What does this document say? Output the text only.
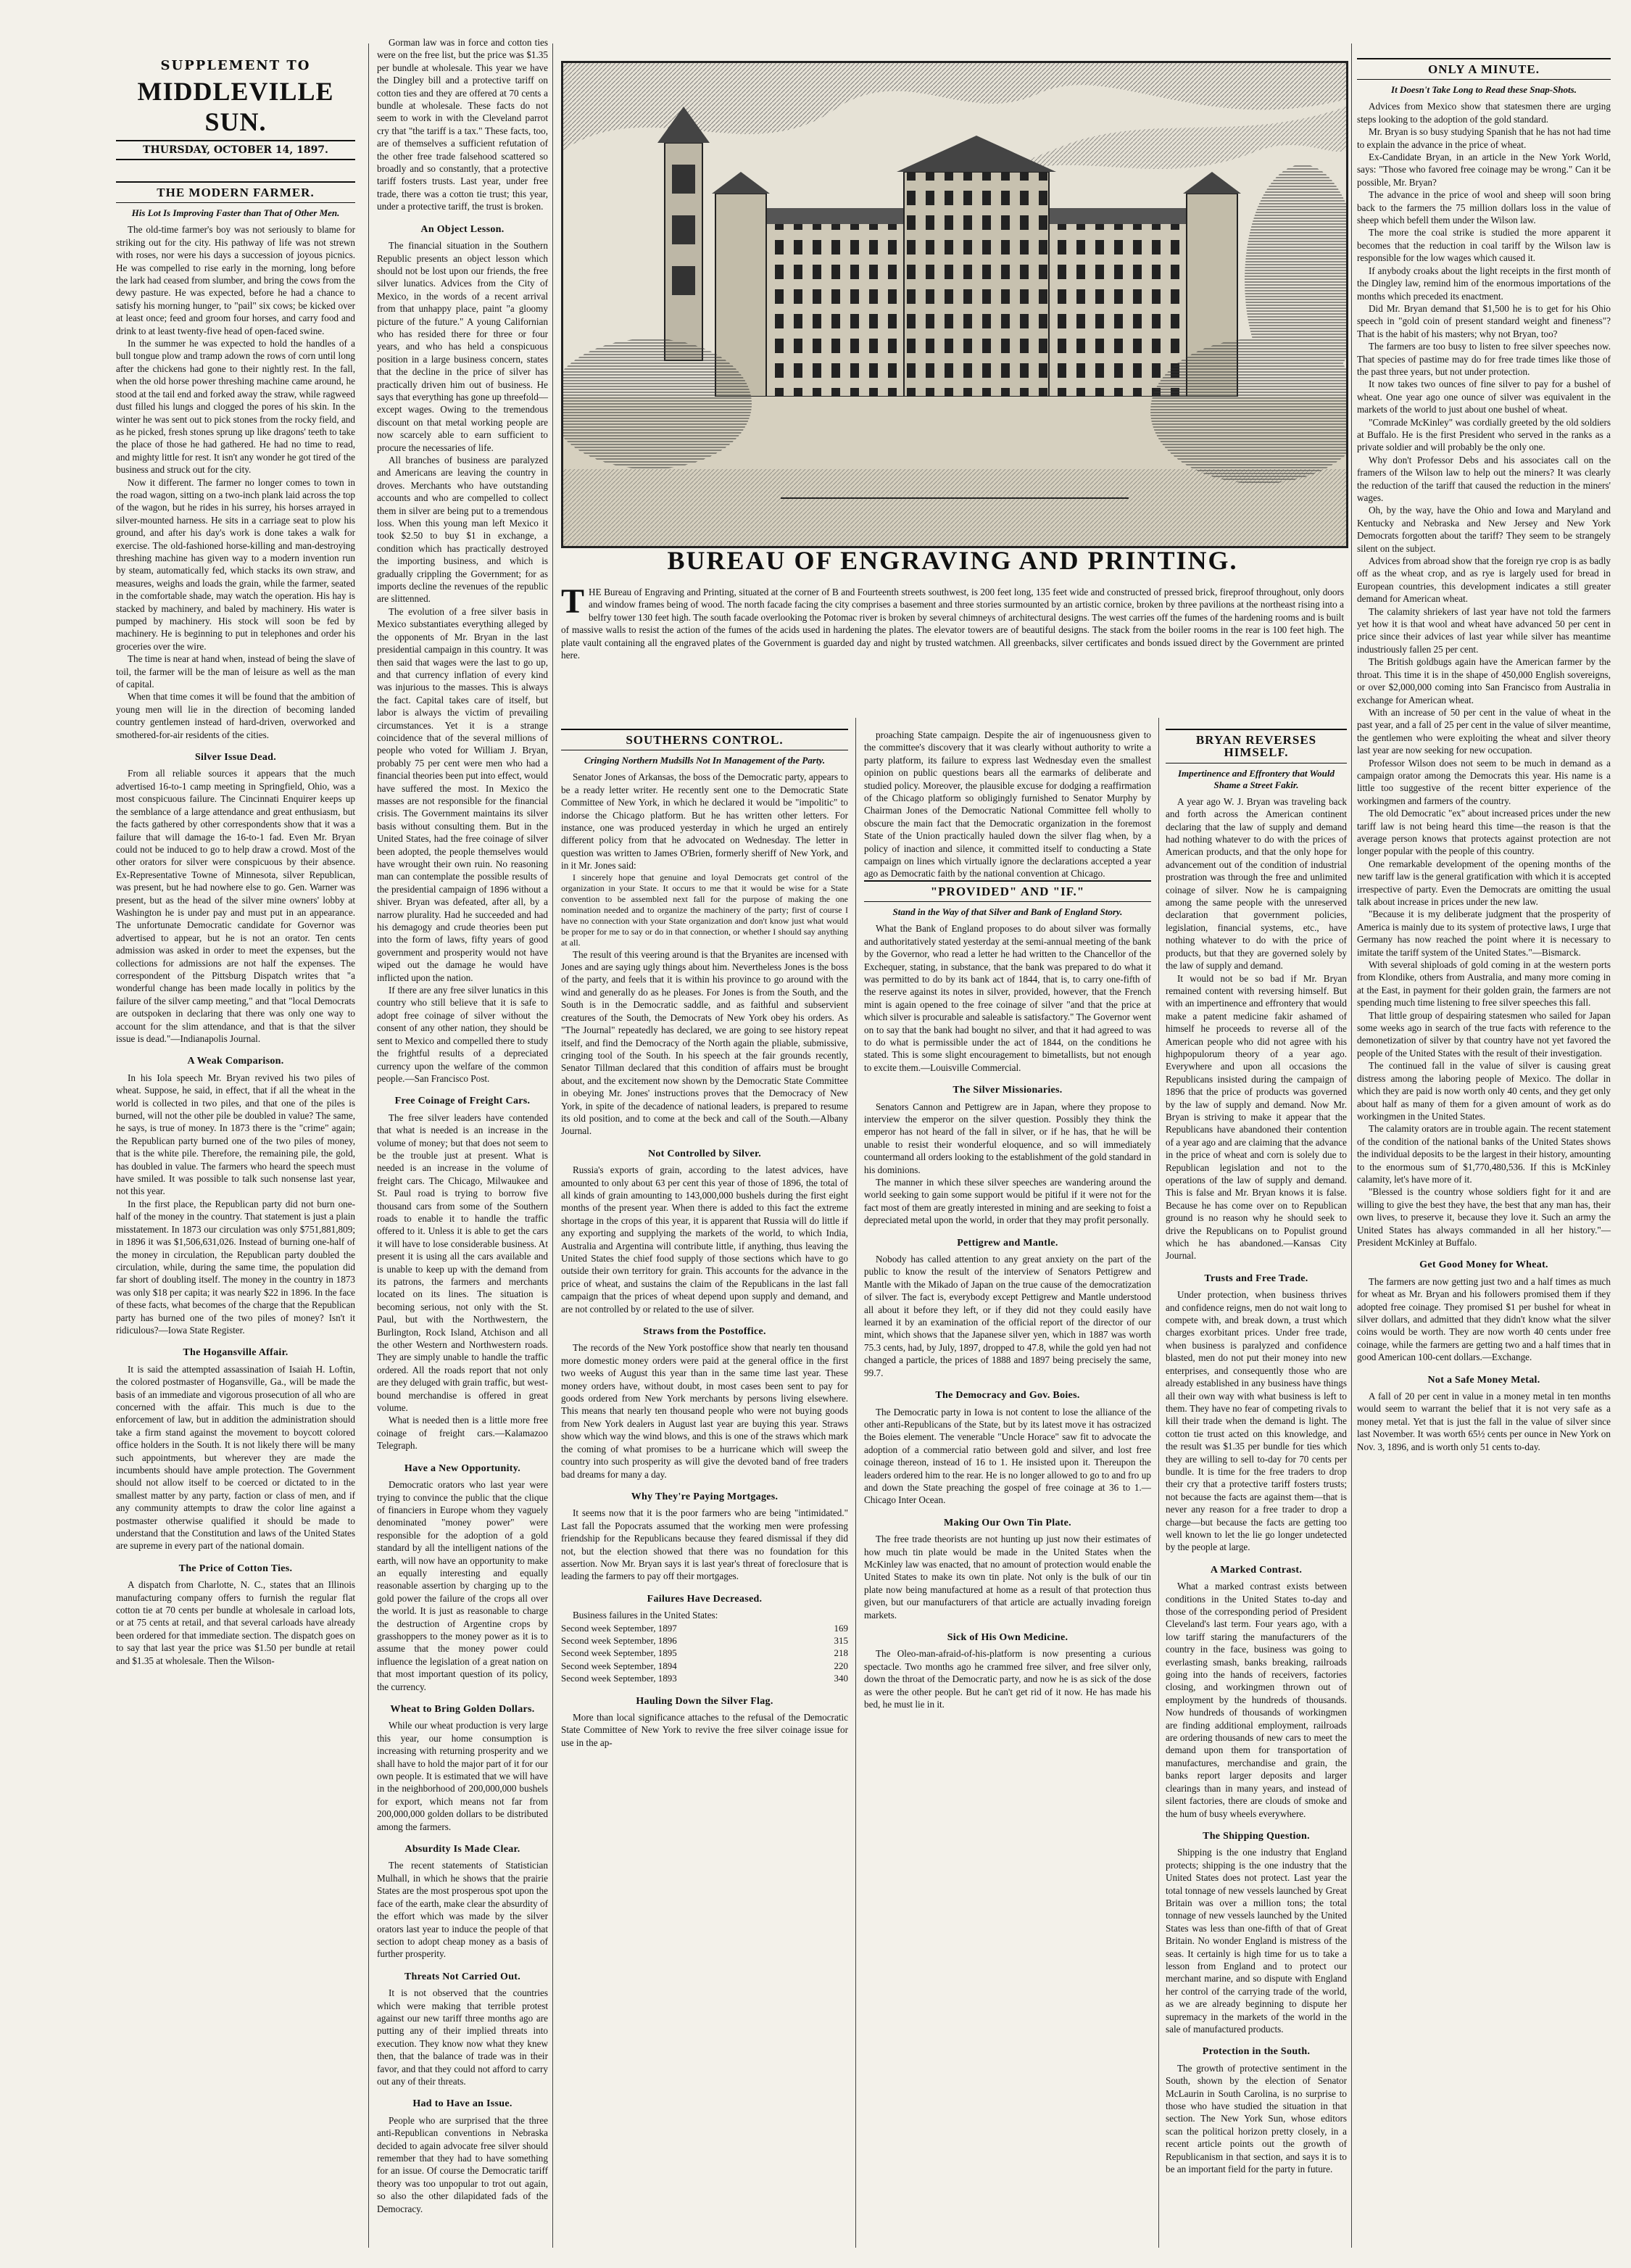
SUPPLEMENT TO
MIDDLEVILLE SUN.
THURSDAY, OCTOBER 14, 1897.
THE MODERN FARMER.
His Lot Is Improving Faster than That of Other Men.

The old-time farmer's boy was not seriously to blame for striking out for the city. His pathway of life was not strewn with roses, nor were his days a succession of joyous picnics. He was compelled to rise early in the morning, long before the lark had ceased from slumber, and bring the cows from the dewy pasture. He was expected, before he had a chance to satisfy his morning hunger, to "pail" six cows; be kicked over at least once; feed and groom four horses, and carry food and drink to at least twenty-five head of open-faced swine.

In the summer he was expected to hold the handles of a bull tongue plow and tramp adown the rows of corn until long after the chickens had gone to their nightly rest. In the fall, when the old horse power threshing machine came around, he stood at the tail end and forked away the straw, while ragweed dust filled his lungs and clogged the pores of his skin. In the winter he was sent out to pick stones from the rocky field, and as he picked, fresh stones sprung up like dragons' teeth to take the place of those he had gathered. He had no time to read, and mighty little for rest. It isn't any wonder he got tired of the business and struck out for the city.

Now it different. The farmer no longer comes to town in the road wagon, sitting on a two-inch plank laid across the top of the wagon, but he rides in his surrey, his horses arrayed in silver-mounted harness. He sits in a carriage seat to plow his ground, and after his day's work is done takes a walk for exercise. The old-fashioned horse-killing and man-destroying threshing machine has given way to a modern invention run by steam, automatically fed, which stacks its own straw, and measures, weighs and loads the grain, while the farmer, seated in the comfortable shade, may watch the operation. His hay is stacked by machinery, and baled by machinery. His water is pumped by machinery. His stock will soon be fed by machinery. He is beginning to put in telephones and order his groceries over the wire.

The time is near at hand when, instead of being the slave of toil, the farmer will be the man of leisure as well as the man of capital.

When that time comes it will be found that the ambition of young men will lie in the direction of becoming landed country gentlemen instead of hard-driven, overworked and smothered-for-air residents of the cities.

Silver Issue Dead.

From all reliable sources it appears that the much advertised 16-to-1 camp meeting in Springfield, Ohio, was a most conspicuous failure. The Cincinnati Enquirer keeps up the semblance of a large attendance and great enthusiasm, but the facts gathered by other correspondents show that it was a failure that will damage the 16-to-1 fad. Even Mr. Bryan could not be induced to go to help draw a crowd. Most of the other orators for silver were conspicuous by their absence. Ex-Representative Towne of Minnesota, silver Republican, was present, but he had nowhere else to go. Gen. Warner was present, but as the head of the silver mine owners' lobby at Washington he is under pay and must put in an appearance. The unfortunate Democratic candidate for Governor was advertised to appear, but he is not an orator. Ten cents admission was asked in order to meet the expenses, but the collections for admissions are not half the expenses. The correspondent of the Pittsburg Dispatch writes that "a wonderful change has been made locally in politics by the failure of the silver camp meeting," and that "local Democrats are outspoken in declaring that there was only one way to account for the slim attendance, and that is that the silver issue is dead."—Indianapolis Journal.

A Weak Comparison.

In his Iola speech Mr. Bryan revived his two piles of wheat. Suppose, he said, in effect, that if all the wheat in the world is collected in two piles, and that one of the piles is burned, will not the other pile be doubled in value? The same, he says, is true of money. In 1873 there is the "crime" again; the Republican party burned one of the two piles of money, that is the white pile. Therefore, the remaining pile, the gold, has doubled in value. The farmers who heard the speech must have smiled. It was possible to talk such nonsense last year, not this year.

In the first place, the Republican party did not burn one-half of the money in the country. That statement is just a plain misstatement. In 1873 our circulation was only $751,881,809; in 1896 it was $1,506,631,026. Instead of burning one-half of the money in circulation, the Republican party doubled the circulation, while, during the same time, the population did far short of doubling itself. The money in the country in 1873 was only $18 per capita; it was nearly $22 in 1896. In the face of these facts, what becomes of the charge that the Republican party has burned one of the two piles of money? Isn't it ridiculous?—Iowa State Register.

The Hogansville Affair.

It is said the attempted assassination of Isaiah H. Loftin, the colored postmaster of Hogansville, Ga., will be made the basis of an immediate and vigorous prosecution of all who are concerned with the affair. This much is due to the enforcement of law, but in addition the administration should take a firm stand against the movement to boycott colored office holders in the South. It is not likely there will be many such appointments, but wherever they are made the incumbents should have ample protection. The Government should not allow itself to be coerced or dictated to in the smallest matter by any party, faction or class of men, and if any community attempts to draw the color line against a postmaster otherwise qualified it should be made to understand that the Constitution and laws of the United States are supreme in every part of the national domain.

The Price of Cotton Ties.

A dispatch from Charlotte, N. C., states that an Illinois manufacturing company offers to furnish the regular flat cotton tie at 70 cents per bundle at wholesale in carload lots, or at 75 cents at retail, and that several carloads have already been ordered for that immediate section. The dispatch goes on to say that last year the price was $1.50 per bundle at retail and $1.35 at wholesale. Then the Wilson-

Gorman law was in force and cotton ties were on the free list, but the price was $1.35 per bundle at wholesale. This year we have the Dingley bill and a protective tariff on cotton ties and they are offered at 70 cents a bundle at wholesale. These facts do not seem to work in with the Cleveland parrot cry that "the tariff is a tax." These facts, too, are of themselves a sufficient refutation of the other free trade falsehood scattered so broadly and so constantly, that a protective tariff fosters trusts. Last year, under free trade, there was a cotton tie trust; this year, under a protective tariff, the trust is broken.

An Object Lesson.

The financial situation in the Southern Republic presents an object lesson which should not be lost upon our friends, the free silver lunatics. Advices from the City of Mexico, in the words of a recent arrival from that unhappy place, paint "a gloomy picture of the future." A young Californian who has resided there for three or four years, and who has held a conspicuous position in a large business concern, states that the decline in the price of silver has practically driven him out of business. He says that everything has gone up threefold—except wages. Owing to the tremendous discount on that metal working people are now scarcely able to earn sufficient to procure the necessaries of life.

All branches of business are paralyzed and Americans are leaving the country in droves. Merchants who have outstanding accounts and who are compelled to collect them in silver are being put to a tremendous loss. When this young man left Mexico it took $2.50 to buy $1 in exchange, a condition which has practically destroyed the importing business, and which is gradually crippling the Government; for as imports decline the revenues of the republic are slittenned.

The evolution of a free silver basis in Mexico substantiates everything alleged by the opponents of Mr. Bryan in the last presidential campaign in this country. It was then said that wages were the last to go up, and that currency inflation of every kind was injurious to the masses. This is always the fact. Capital takes care of itself, but labor is always the victim of prevailing circumstances. Yet it is a strange coincidence that of the several millions of people who voted for William J. Bryan, probably 75 per cent were men who had a financial theories been put into effect, would have suffered the most. In Mexico the masses are not responsible for the financial crisis. The Government maintains its silver basis without consulting them. But in the United States, had the free coinage of silver been adopted, the people themselves would have wrought their own ruin. No reasoning man can contemplate the possible results of the presidential campaign of 1896 without a shiver. Bryan was defeated, after all, by a narrow plurality. Had he succeeded and had his demagogy and crude theories been put into the form of laws, fifty years of good government and prosperity would not have wiped out the damage he would have inflicted upon the nation.

If there are any free silver lunatics in this country who still believe that it is safe to adopt free coinage of silver without the consent of any other nation, they should be sent to Mexico and compelled there to study the frightful results of a depreciated currency upon the welfare of the common people.—San Francisco Post.

Free Coinage of Freight Cars.

The free silver leaders have contended that what is needed is an increase in the volume of money; but that does not seem to be the trouble just at present. What is needed is an increase in the volume of freight cars. The Chicago, Milwaukee and St. Paul road is trying to borrow five thousand cars from some of the Southern roads to enable it to handle the traffic offered to it. Unless it is able to get the cars it will have to lose considerable business. At present it is using all the cars available and is unable to keep up with the demand from its patrons, the farmers and merchants located on its lines. The situation is becoming serious, not only with the St. Paul, but with the Northwestern, the Burlington, Rock Island, Atchison and all the other Western and Northwestern roads. They are simply unable to handle the traffic ordered. All the roads report that not only are they deluged with grain traffic, but west-bound merchandise is offered in great volume.

What is needed then is a little more free coinage of freight cars.—Kalamazoo Telegraph.

Have a New Opportunity.

Democratic orators who last year were trying to convince the public that the clique of financiers in Europe whom they vaguely denominated "money power" were responsible for the adoption of a gold standard by all the intelligent nations of the earth, will now have an opportunity to make an equally interesting and equally reasonable assertion by charging up to the gold power the failure of the crops all over the world. It is just as reasonable to charge the destruction of Argentine crops by grasshoppers to the money power as it is to assume that the money power could influence the legislation of a great nation on that most important question of its policy, the currency.

Wheat to Bring Golden Dollars.

While our wheat production is very large this year, our home consumption is increasing with returning prosperity and we shall have to hold the major part of it for our own people. It is estimated that we will have in the neighborhood of 200,000,000 bushels for export, which means not far from 200,000,000 golden dollars to be distributed among the farmers.

Absurdity Is Made Clear.

The recent statements of Statistician Mulhall, in which he shows that the prairie States are the most prosperous spot upon the face of the earth, make clear the absurdity of the effort which was made by the silver orators last year to induce the people of that section to adopt cheap money as a basis of further prosperity.

Threats Not Carried Out.

It is not observed that the countries which were making that terrible protest against our new tariff three months ago are putting any of their implied threats into execution. They know now what they knew then, that the balance of trade was in their favor, and that they could not afford to carry out any of their threats.

Had to Have an Issue.

People who are surprised that the three anti-Republican conventions in Nebraska decided to again advocate free silver should remember that they had to have something for an issue. Of course the Democratic tariff theory was too unpopular to trot out again, so also the other dilapidated fads of the Democracy.

BUREAU OF ENGRAVING AND PRINTING.
THE Bureau of Engraving and Printing, situated at the corner of B and Fourteenth streets southwest, is 200 feet long, 135 feet wide and constructed of pressed brick, fireproof throughout, only doors and window frames being of wood. The north facade facing the city comprises a basement and three stories surmounted by an artistic cornice, broken by three pavilions at the northeast rising into a belfry tower 130 feet high. The south facade overlooking the Potomac river is broken by several chimneys of architectural designs. The west carries off the fumes of the hardening rooms and is built of massive walls to resist the action of the fumes of the acids used in hardening the plates. The elevator towers are of beautiful designs. The stack from the boiler rooms in the rear is 100 feet high. The plate vault containing all the engraved plates of the Government is guarded day and night by trusted watchmen. All greenbacks, silver certificates and bonds issued direct by the Government are printed here.
SOUTHERNS CONTROL.
Cringing Northern Mudsills Not In Management of the Party.

Senator Jones of Arkansas, the boss of the Democratic party, appears to be a ready letter writer. He recently sent one to the Democratic State Committee of New York, in which he declared it would be "impolitic" to indorse the Chicago platform. But he has written other letters. For instance, one was produced yesterday in which he urged an entirely different policy from that he advocated on Wednesday. The letter in question was written to James O'Brien, formerly sheriff of New York, and in it Mr. Jones said:

I sincerely hope that genuine and loyal Democrats get control of the organization in your State. It occurs to me that it would be wise for a State convention to be assembled next fall for the purpose of making the one nomination needed and to organize the machinery of the party; first of course I have no connection with your State organization and don't know just what would be proper for me to say or do in that connection, or whether I should say anything at all.

The result of this veering around is that the Bryanites are incensed with Jones and are saying ugly things about him. Nevertheless Jones is the boss of the party, and feels that it is within his province to go around with the wind and generally do as he pleases. For Jones is from the South, and the South is in the Democratic saddle, and as faithful and subservient creatures of the South, the Democrats of New York obey his orders. As "The Journal" repeatedly has declared, we are going to see history repeat itself, and find the Democracy of the North again the pliable, submissive, cringing tool of the South. In his speech at the fair grounds recently, Senator Tillman declared that this condition of affairs must be brought about, and the excitement now shown by the Democratic State Committee in obeying Mr. Jones' instructions proves that the Democracy of New York, in spite of the decadence of national leaders, is prepared to resume its old position, and to come at the beck and call of the South.—Albany Journal.

Not Controlled by Silver.

Russia's exports of grain, according to the latest advices, have amounted to only about 63 per cent this year of those of 1896, the total of all kinds of grain amounting to 143,000,000 bushels during the first eight months of the present year. When there is added to this fact the extreme shortage in the crops of this year, it is apparent that Russia will do little if any exporting and supplying the markets of the world, to which India, Australia and Argentina will contribute little, if anything, thus leaving the United States the chief food supply of those sections which have to go outside their own territory for grain. This accounts for the advance in the price of wheat, and sustains the claim of the Republicans in the last fall campaign that the prices of wheat depend upon supply and demand, and are not controlled by or related to the use of silver.

Straws from the Postoffice.

The records of the New York postoffice show that nearly ten thousand more domestic money orders were paid at the general office in the first two weeks of August this year than in the same time last year. These money orders have, without doubt, in most cases been sent to pay for goods ordered from New York merchants by persons living elsewhere. This means that nearly ten thousand people who were not buying goods from New York dealers in August last year are buying this year. Straws show which way the wind blows, and this is one of the straws which mark the coming of what promises to be a hurricane which will sweep the country into such prosperity as will give the devoted band of free traders bad dreams for many a day.

Why They're Paying Mortgages.

It seems now that it is the poor farmers who are being "intimidated." Last fall the Popocrats assumed that the working men were professing friendship for the Republicans because they feared dismissal if they did not, but the election showed that there was no foundation for this assertion. Now Mr. Bryan says it is last year's threat of foreclosure that is leading the farmers to pay off their mortgages.

Failures Have Decreased.

Business failures in the United States:

Second week September, 1897	169
Second week September, 1896	315
Second week September, 1895	218
Second week September, 1894	220
Second week September, 1893	340
Hauling Down the Silver Flag.

More than local significance attaches to the refusal of the Democratic State Committee of New York to revive the free silver coinage issue for use in the ap-

proaching State campaign. Despite the air of ingenuousness given to the committee's discovery that it was clearly without authority to write a party platform, its failure to express last Wednesday even the smallest opinion on public questions bears all the earmarks of deliberate and studied policy. Moreover, the plausible excuse for dodging a reaffirmation of the Chicago platform so obligingly furnished to Senator Murphy by Chairman Jones of the Democratic National Committee fell wholly to obscure the main fact that the Democratic organization in the foremost State of the Union practically hauled down the silver flag when, by a policy of inaction and silence, it committed itself to conducting a State campaign on lines which virtually ignore the declarations accepted a year ago as Democratic faith by the national convention at Chicago.

"PROVIDED" AND "IF."
Stand in the Way of that Silver and Bank of England Story.

What the Bank of England proposes to do about silver was formally and authoritatively stated yesterday at the semi-annual meeting of the bank by the Governor, who read a letter he had written to the Chancellor of the Exchequer, stating, in substance, that the bank was prepared to do what it was permitted to do by its bank act of 1844, that is, to carry one-fifth of the reserve against its notes in silver, provided, however, that the French mint is again opened to the free coinage of silver "and that the price at which silver is procurable and saleable is satisfactory." The Governor went on to say that the bank had bought no silver, and that it had agreed to was to do what is permissible under the act of 1844, on the conditions he stated. This is some slight encouragement to bimetallists, but not enough to excite them.—Louisville Commercial.

The Silver Missionaries.

Senators Cannon and Pettigrew are in Japan, where they propose to interview the emperor on the silver question. Possibly they think the emperor has not heard of the fall in silver, or if he has, that he will be unable to resist their wonderful eloquence, and so will immediately countermand all orders looking to the establishment of the gold standard in his dominions.

The manner in which these silver speeches are wandering around the world seeking to gain some support would be pitiful if it were not for the fact most of them are greatly interested in mining and are seeking to foist a depreciated metal upon the world, in order that they may profit personally.

Pettigrew and Mantle.

Nobody has called attention to any great anxiety on the part of the public to know the result of the interview of Senators Pettigrew and Mantle with the Mikado of Japan on the true cause of the democratization of silver. The fact is, everybody except Pettigrew and Mantle understood all about it before they left, or if they did not they could easily have learned it by an examination of the official report of the director of our mint, which shows that the Japanese silver yen, which in 1887 was worth 75.3 cents, had, by July, 1897, dropped to 47.8, while the gold yen had not changed a particle, the prices of 1888 and 1897 being precisely the same, 99.7.

The Democracy and Gov. Boies.

The Democratic party in Iowa is not content to lose the alliance of the other anti-Republicans of the State, but by its latest move it has ostracized the Boies element. The venerable "Uncle Horace" saw fit to advocate the adoption of a commercial ratio between gold and silver, and lost free coinage thereon, instead of 16 to 1. He insisted upon it. Thereupon the leaders ordered him to the rear. He is no longer allowed to go to and fro up and down the State preaching the gospel of free coinage at 36 to 1.—Chicago Inter Ocean.

Making Our Own Tin Plate.

The free trade theorists are not hunting up just now their estimates of how much tin plate would be made in the United States when the McKinley law was enacted, that no amount of protection would enable the United States to make its own tin plate. Not only is the bulk of our tin plate now being manufactured at home as a result of that protection thus given, but our manufacturers of that article are actually invading foreign markets.

Sick of His Own Medicine.

The Oleo-man-afraid-of-his-platform is now presenting a curious spectacle. Two months ago he crammed free silver, and free silver only, down the throat of the Democratic party, and now he is as sick of the dose as were the other people. But he can't get rid of it now. He has made his bed, he must lie in it.

BRYAN REVERSES HIMSELF.
Impertinence and Effrontery that Would Shame a Street Fakir.

A year ago W. J. Bryan was traveling back and forth across the American continent declaring that the law of supply and demand had nothing whatever to do with the prices of American products, and that the only hope for advancement out of the condition of industrial prostration was through the free and unlimited coinage of silver. Now he is campaigning among the same people with the unreserved declaration that government policies, legislation, financial systems, etc., have nothing whatever to do with the price of products, but that they are governed solely by the law of supply and demand.

It would not be so bad if Mr. Bryan remained content with reversing himself. But with an impertinence and effrontery that would make a patent medicine fakir ashamed of himself he proceeds to reverse all of the American people who did not agree with his highpopulorum theory of a year ago. Everywhere and upon all occasions the Republicans insisted during the campaign of 1896 that the price of products was governed by the law of supply and demand. Now Mr. Bryan is striving to make it appear that the Republicans have abandoned their contention of a year ago and are claiming that the advance in the price of wheat and corn is solely due to Republican legislation and not to the operations of the law of supply and demand. This is false and Mr. Bryan knows it is false. Because he has come over on to Republican ground is no reason why he should seek to drive the Republicans on to Populist ground which he has abandoned.—Kansas City Journal.

Trusts and Free Trade.

Under protection, when business thrives and confidence reigns, men do not wait long to compete with, and break down, a trust which charges exorbitant prices. Under free trade, when business is paralyzed and confidence blasted, men do not put their money into new enterprises, and consequently those who are already established in any business have things all their own way with what business is left to them. They have no fear of competing rivals to kill their trade when the demand is light. The cotton tie trust acted on this knowledge, and the result was $1.35 per bundle for ties which they are willing to sell to-day for 70 cents per bundle. It is time for the free traders to drop their cry that a protective tariff fosters trusts; not because the facts are against them—that is never any reason for a free trader to drop a charge—but because the facts are getting too well known to let the lie go longer undetected by the people at large.

A Marked Contrast.

What a marked contrast exists between conditions in the United States to-day and those of the corresponding period of President Cleveland's last term. Four years ago, with a low tariff staring the manufacturers of the country in the face, business was going to everlasting smash, banks breaking, railroads going into the hands of receivers, factories closing, and workingmen thrown out of employment by the hundreds of thousands. Now hundreds of thousands of workingmen are finding additional employment, railroads are ordering thousands of new cars to meet the demand upon them for transportation of manufactures, merchandise and grain, the banks report larger deposits and larger clearings than in many years, and instead of silent factories, there are clouds of smoke and the hum of busy wheels everywhere.

The Shipping Question.

Shipping is the one industry that England protects; shipping is the one industry that the United States does not protect. Last year the total tonnage of new vessels launched by Great Britain was over a million tons; the total tonnage of new vessels launched by the United States was less than one-fifth of that of Great Britain. No wonder England is mistress of the seas. It certainly is high time for us to take a lesson from England and to protect our merchant marine, and so dispute with England her control of the carrying trade of the world, as we are already beginning to dispute her supremacy in the markets of the world in the sale of manufactured products.

Protection in the South.

The growth of protective sentiment in the South, shown by the election of Senator McLaurin in South Carolina, is no surprise to those who have studied the situation in that section. The New York Sun, whose editors scan the political horizon pretty closely, in a recent article points out the growth of Republicanism in that section, and says it is to be an important field for the party in future.

ONLY A MINUTE.
It Doesn't Take Long to Read these Snap-Shots.

Advices from Mexico show that statesmen there are urging steps looking to the adoption of the gold standard.

Mr. Bryan is so busy studying Spanish that he has not had time to explain the advance in the price of wheat.

Ex-Candidate Bryan, in an article in the New York World, says: "Those who favored free coinage may be wrong." Can it be possible, Mr. Bryan?

The advance in the price of wool and sheep will soon bring back to the farmers the 75 million dollars loss in the value of sheep which befell them under the Wilson law.

The more the coal strike is studied the more apparent it becomes that the reduction in coal tariff by the Wilson law is responsible for the low wages which caused it.

If anybody croaks about the light receipts in the first month of the Dingley law, remind him of the enormous importations of the months which preceded its enactment.

Did Mr. Bryan demand that $1,500 he is to get for his Ohio speech in "gold coin of present standard weight and fineness"? That is the habit of his masters; why not Bryan, too?

The farmers are too busy to listen to free silver speeches now. That species of pastime may do for free trade times like those of the past three years, but not under protection.

It now takes two ounces of fine silver to pay for a bushel of wheat. One year ago one ounce of silver was equivalent in the markets of the world to just about one bushel of wheat.

"Comrade McKinley" was cordially greeted by the old soldiers at Buffalo. He is the first President who served in the ranks as a private soldier and will probably be the only one.

Why don't Professor Debs and his associates call on the framers of the Wilson law to help out the miners? It was clearly the reduction of the tariff that caused the reduction in the miners' wages.

Oh, by the way, have the Ohio and Iowa and Maryland and Kentucky and Nebraska and New Jersey and New York Democrats forgotten about the tariff? They seem to be strangely silent on the subject.

Advices from abroad show that the foreign rye crop is as badly off as the wheat crop, and as rye is largely used for bread in European countries, this development indicates a still greater demand for American wheat.

The calamity shriekers of last year have not told the farmers yet how it is that wool and wheat have advanced 50 per cent in price since their advices of last year while silver has meantime industriously fallen 25 per cent.

The British goldbugs again have the American farmer by the throat. This time it is in the shape of 450,000 English sovereigns, or over $2,000,000 coming into San Francisco from Australia in exchange for American wheat.

With an increase of 50 per cent in the value of wheat in the past year, and a fall of 25 per cent in the value of silver meantime, the gentlemen who were exploiting the wheat and silver theory last year are now seeking for new occupation.

Professor Wilson does not seem to be much in demand as a campaign orator among the Democrats this year. His name is a little too suggestive of the recent bitter experience of the workingmen and farmers of the country.

The old Democratic "ex" about increased prices under the new tariff law is not being heard this time—the reason is that the average person knows that protects against protection are not longer popular with the people of this country.

One remarkable development of the opening months of the new tariff law is the general gratification with which it is accepted irrespective of party. Even the Democrats are omitting the usual talk about increase in prices under the new law.

"Because it is my deliberate judgment that the prosperity of America is mainly due to its system of protective laws, I urge that Germany has now reached the point where it is necessary to imitate the tariff system of the United States."—Bismarck.

With several shiploads of gold coming in at the western ports from Klondike, others from Australia, and many more coming in at the East, in payment for their golden grain, the farmers are not spending much time listening to free silver speeches this fall.

That little group of despairing statesmen who sailed for Japan some weeks ago in search of the true facts with reference to the demonetization of silver by that country have not yet favored the people of the United States with the result of their investigation.

The continued fall in the value of silver is causing great distress among the laboring people of Mexico. The dollar in which they are paid is now worth only 40 cents, and they get only about half as many of them for a given amount of work as do workingmen in the United States.

The calamity orators are in trouble again. The recent statement of the condition of the national banks of the United States shows the individual deposits to be the largest in their history, amounting to the enormous sum of $1,770,480,536. If this is McKinley calamity, let's have more of it.

"Blessed is the country whose soldiers fight for it and are willing to give the best they have, the best that any man has, their own lives, to preserve it, because they love it. Such an army the United States has always commanded in all her history."—President McKinley at Buffalo.

Get Good Money for Wheat.

The farmers are now getting just two and a half times as much for wheat as Mr. Bryan and his followers promised them if they adopted free coinage. They promised $1 per bushel for wheat in silver dollars, and admitted that they didn't know what the silver coins would be worth. They are now worth 40 cents under free coinage, while the farmers are getting two and a half times that in good American 100-cent dollars.—Exchange.

Not a Safe Money Metal.

A fall of 20 per cent in value in a money metal in ten months would seem to warrant the belief that it is not very safe as a money metal. Yet that is just the fall in the value of silver since last November. It was worth 65½ cents per ounce in New York on Nov. 3, 1896, and is worth only 51 cents to-day.
